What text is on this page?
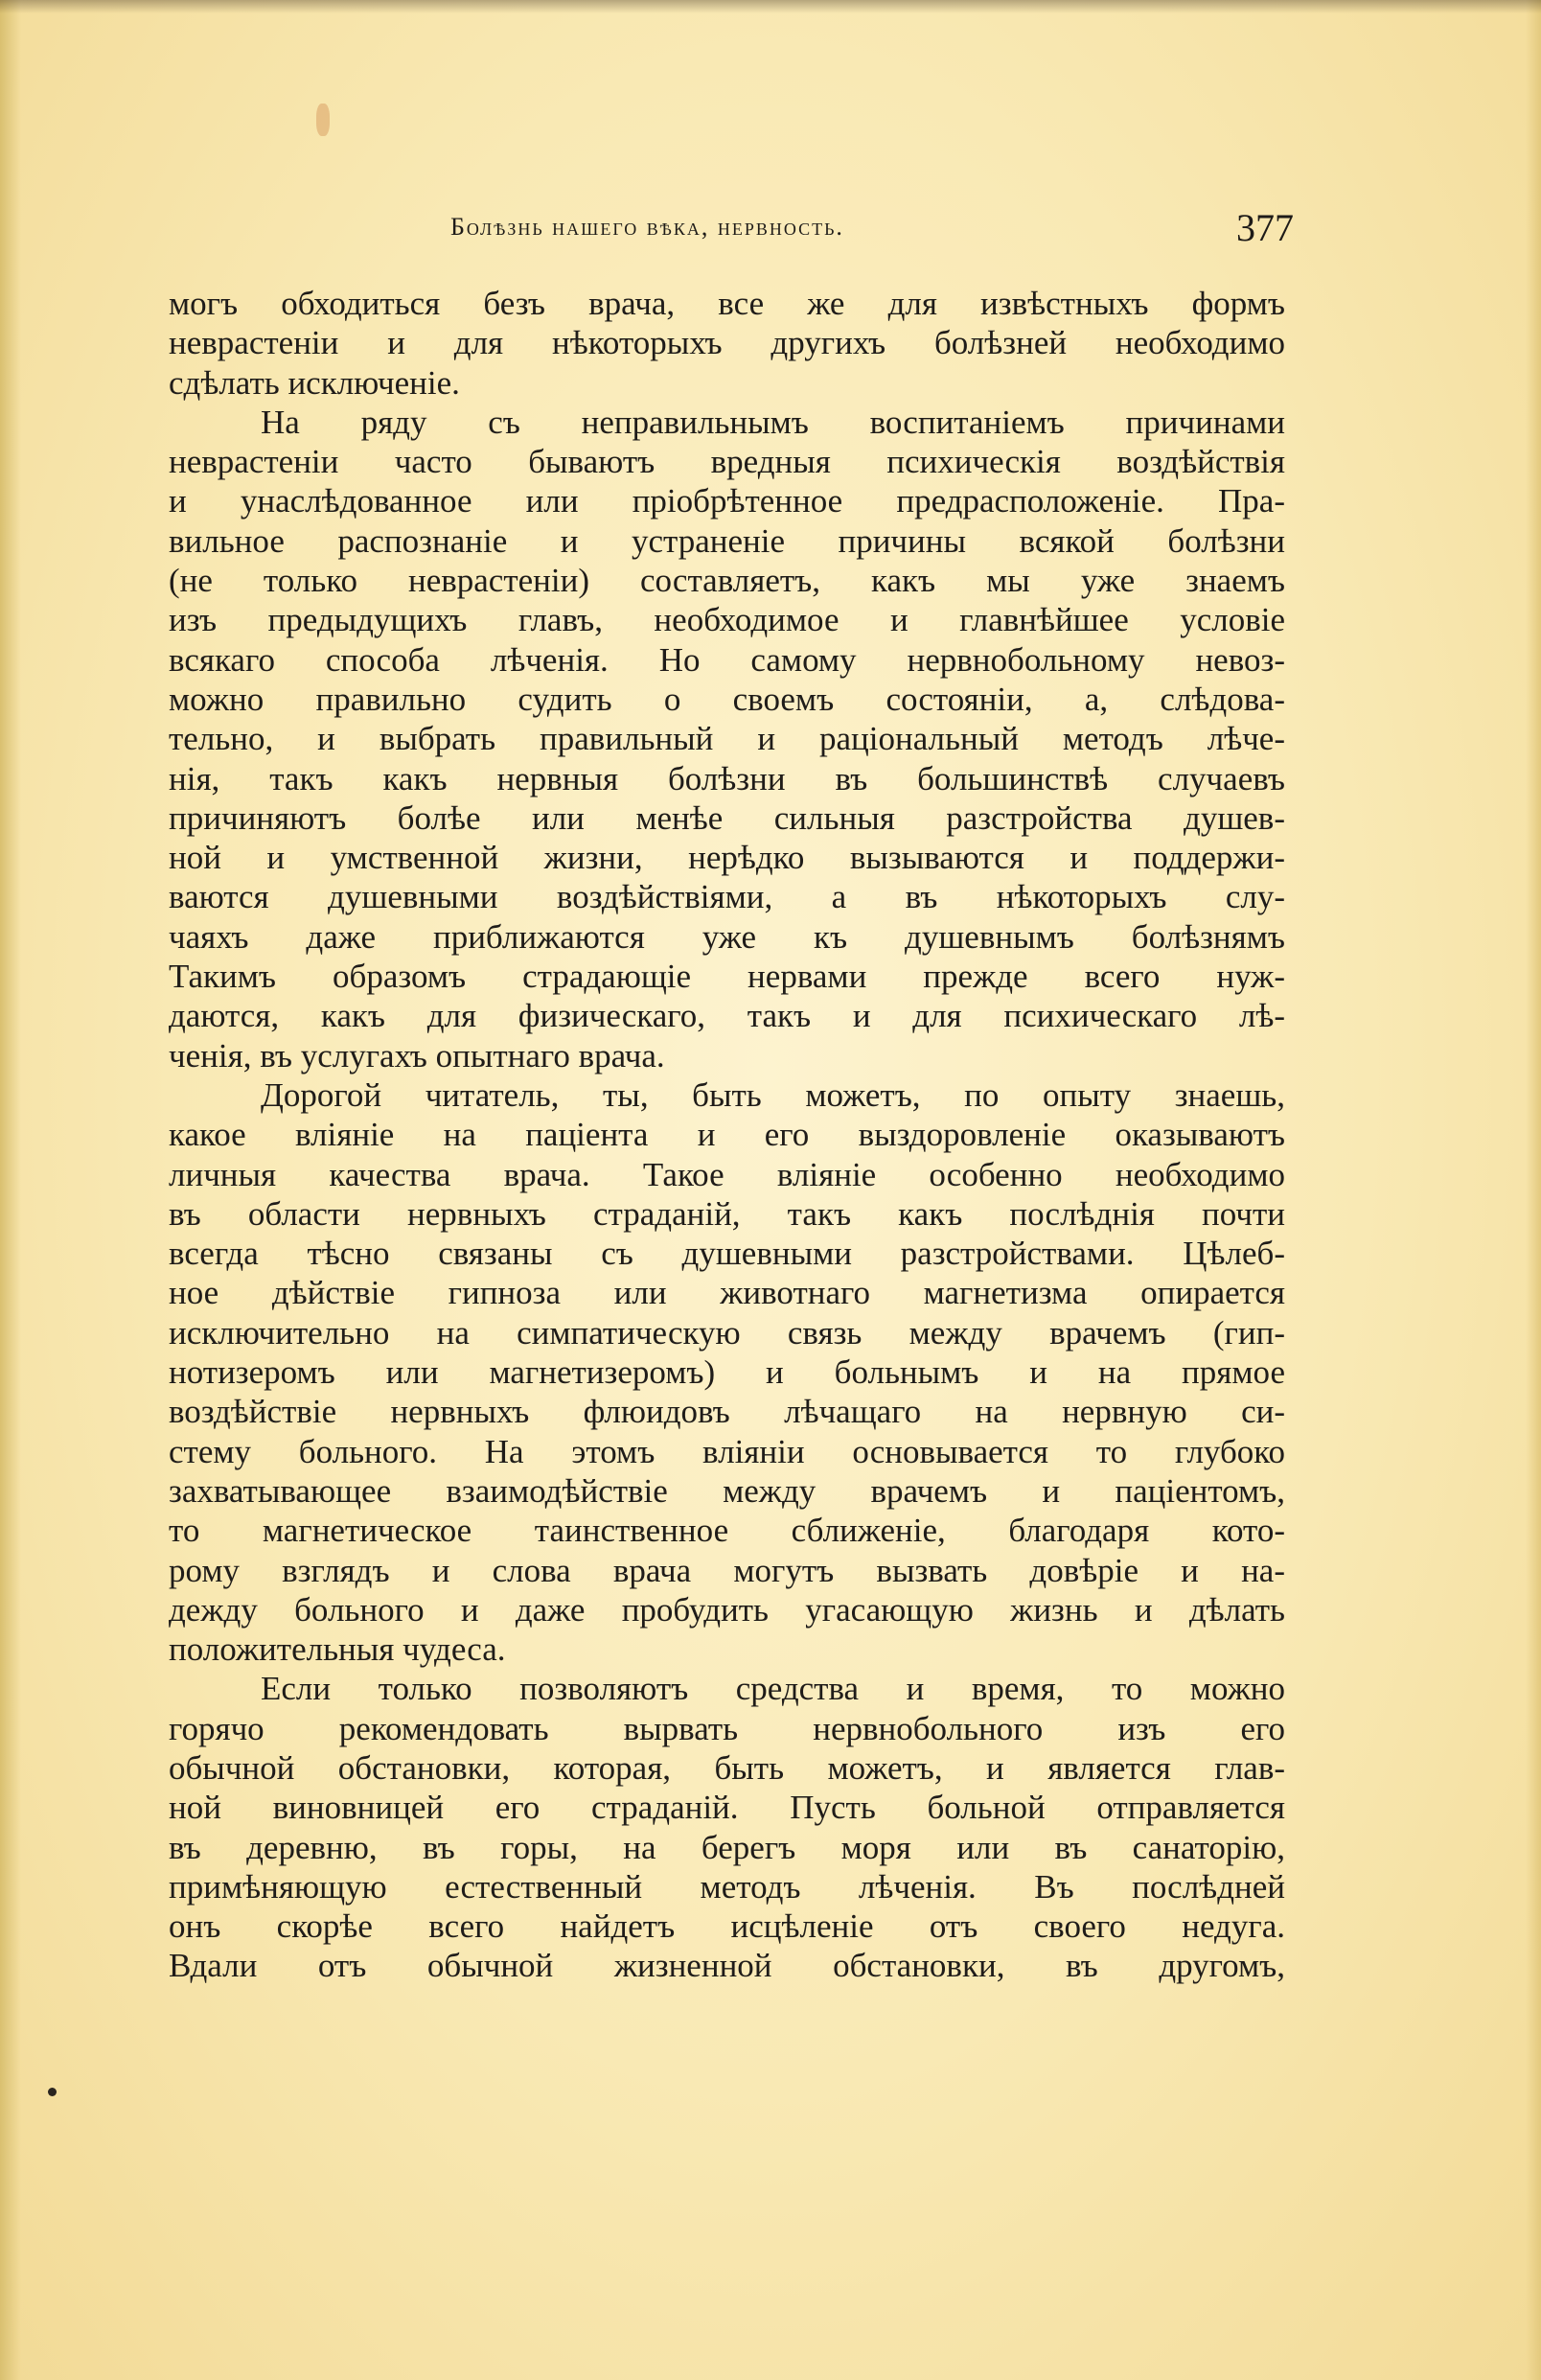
Болѣзнь нашего вѣка, нервность.	377
могъ обходиться безъ врача, все же для извѣстныхъ формъ
неврастеніи и для нѣкоторыхъ другихъ болѣзней необходимо
сдѣлать исключеніе.
На ряду съ неправильнымъ воспитаніемъ причинами
неврастеніи часто бываютъ вредныя психическія воздѣйствія
и унаслѣдованное или пріобрѣтенное предрасположеніе. Пра-
вильное распознаніе и устраненіе причины всякой болѣзни
(не только неврастеніи) составляетъ, какъ мы уже знаемъ
изъ предыдущихъ главъ, необходимое и главнѣйшее условіе
всякаго способа лѣченія. Но самому нервнобольному невоз-
можно правильно судить о своемъ состояніи, а, слѣдова-
тельно, и выбрать правильный и раціональный методъ лѣче-
нія, такъ какъ нервныя болѣзни въ большинствѣ случаевъ
причиняютъ болѣе или менѣе сильныя разстройства душев-
ной и умственной жизни, нерѣдко вызываются и поддержи-
ваются душевными воздѣйствіями, а въ нѣкоторыхъ слу-
чаяхъ даже приближаются уже къ душевнымъ болѣзнямъ
Такимъ образомъ страдающіе нервами прежде всего нуж-
даются, какъ для физическаго, такъ и для психическаго лѣ-
ченія, въ услугахъ опытнаго врача.
Дорогой читатель, ты, быть можетъ, по опыту знаешь,
какое вліяніе на паціента и его выздоровленіе оказываютъ
личныя качества врача. Такое вліяніе особенно необходимо
въ области нервныхъ страданій, такъ какъ послѣднія почти
всегда тѣсно связаны съ душевными разстройствами. Цѣлеб-
ное дѣйствіе гипноза или животнаго магнетизма опирается
исключительно на симпатическую связь между врачемъ (гип-
нотизеромъ или магнетизеромъ) и больнымъ и на прямое
воздѣйствіе нервныхъ флюидовъ лѣчащаго на нервную си-
стему больного. На этомъ вліяніи основывается то глубоко
захватывающее взаимодѣйствіе между врачемъ и паціентомъ,
то магнетическое таинственное сближеніе, благодаря кото-
рому взглядъ и слова врача могутъ вызвать довѣріе и на-
дежду больного и даже пробудить угасающую жизнь и дѣлать
положительныя чудеса.
Если только позволяютъ средства и время, то можно
горячо рекомендовать вырвать нервнобольного изъ его
обычной обстановки, которая, быть можетъ, и является глав-
ной виновницей его страданій. Пусть больной отправляется
въ деревню, въ горы, на берегъ моря или въ санаторію,
примѣняющую естественный методъ лѣченія. Въ послѣдней
онъ скорѣе всего найдетъ исцѣленіе отъ своего недуга.
Вдали отъ обычной жизненной обстановки, въ другомъ,
